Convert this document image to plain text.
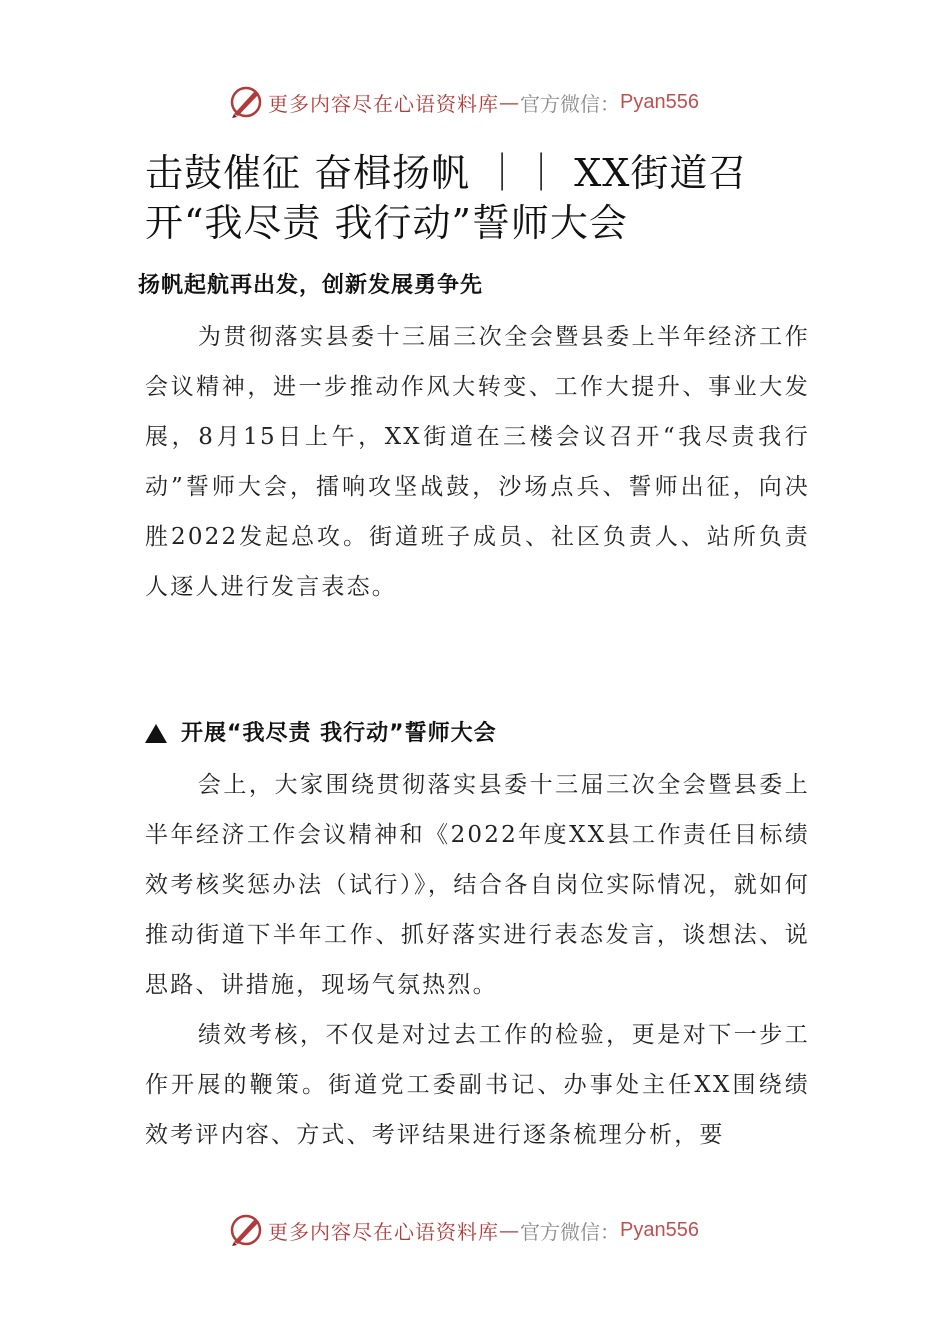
更多内容尽在心语资料库 — 官方微信： Pyan556
击鼓催征 奋楫扬帆 ｜｜ XX街道召开“我尽责 我行动”誓师大会
扬帆起航再出发，创新发展勇争先

为贯彻落实县委十三届三次全会暨县委上半年经济工作会议精神，进一步推动作风大转变、工作大提升、事业大发展，8月15日上午，XX街道在三楼会议召开“我尽责我行动”誓师大会，擂响攻坚战鼓，沙场点兵、誓师出征，向决胜2022发起总攻。街道班子成员、社区负责人、站所负责人逐人进行发言表态。

开展“我尽责 我行动”誓师大会

会上，大家围绕贯彻落实县委十三届三次全会暨县委上半年经济工作会议精神和《2022年度XX县工作责任目标绩效考核奖惩办法（试行）》，结合各自岗位实际情况，就如何推动街道下半年工作、抓好落实进行表态发言，谈想法、说思路、讲措施，现场气氛热烈。

绩效考核，不仅是对过去工作的检验，更是对下一步工作开展的鞭策。街道党工委副书记、办事处主任XX围绕绩效考评内容、方式、考评结果进行逐条梳理分析，要

更多内容尽在心语资料库 — 官方微信： Pyan556
